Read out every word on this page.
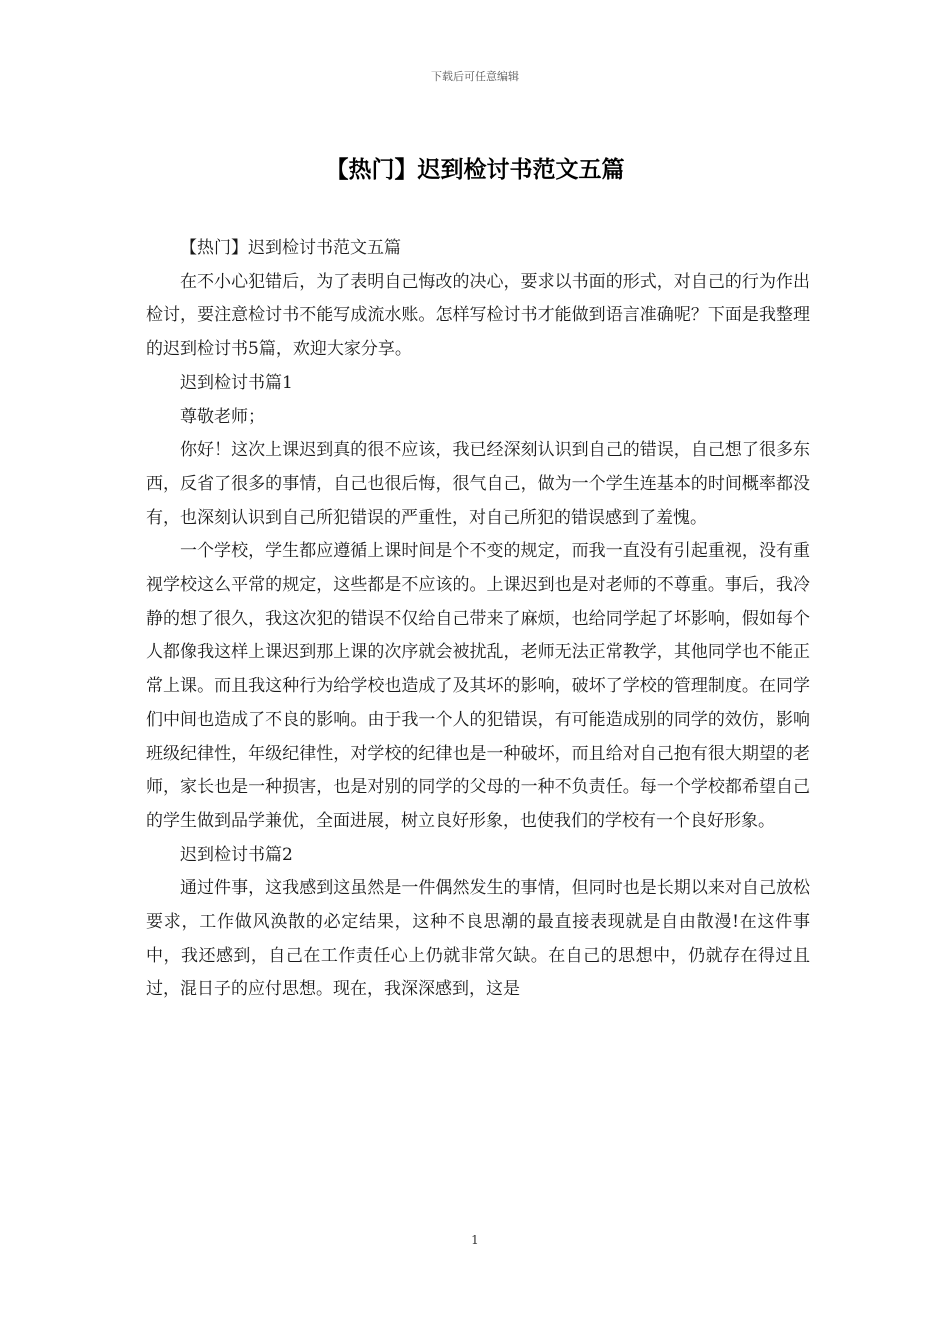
下载后可任意编辑
【热门】迟到检讨书范文五篇

【热门】迟到检讨书范文五篇

在不小心犯错后，为了表明自己悔改的决心，要求以书面的形式，对自己的行为作出检讨，要注意检讨书不能写成流水账。怎样写检讨书才能做到语言准确呢？下面是我整理的迟到检讨书5篇，欢迎大家分享。

迟到检讨书篇1

尊敬老师；

你好！这次上课迟到真的很不应该，我已经深刻认识到自己的错误，自己想了很多东西，反省了很多的事情，自己也很后悔，很气自己，做为一个学生连基本的时间概率都没有，也深刻认识到自己所犯错误的严重性，对自己所犯的错误感到了羞愧。

一个学校，学生都应遵循上课时间是个不变的规定，而我一直没有引起重视，没有重视学校这么平常的规定，这些都是不应该的。上课迟到也是对老师的不尊重。事后，我冷静的想了很久，我这次犯的错误不仅给自己带来了麻烦，也给同学起了坏影响，假如每个人都像我这样上课迟到那上课的次序就会被扰乱，老师无法正常教学，其他同学也不能正常上课。而且我这种行为给学校也造成了及其坏的影响，破坏了学校的管理制度。在同学们中间也造成了不良的影响。由于我一个人的犯错误，有可能造成别的同学的效仿，影响班级纪律性，年级纪律性，对学校的纪律也是一种破坏，而且给对自己抱有很大期望的老师，家长也是一种损害，也是对别的同学的父母的一种不负责任。每一个学校都希望自己的学生做到品学兼优，全面进展，树立良好形象，也使我们的学校有一个良好形象。

迟到检讨书篇2

通过件事，这我感到这虽然是一件偶然发生的事情，但同时也是长期以来对自己放松要求，工作做风涣散的必定结果，这种不良思潮的最直接表现就是自由散漫!在这件事中，我还感到，自己在工作责任心上仍就非常欠缺。在自己的思想中，仍就存在得过且过，混日子的应付思想。现在，我深深感到，这是

1
